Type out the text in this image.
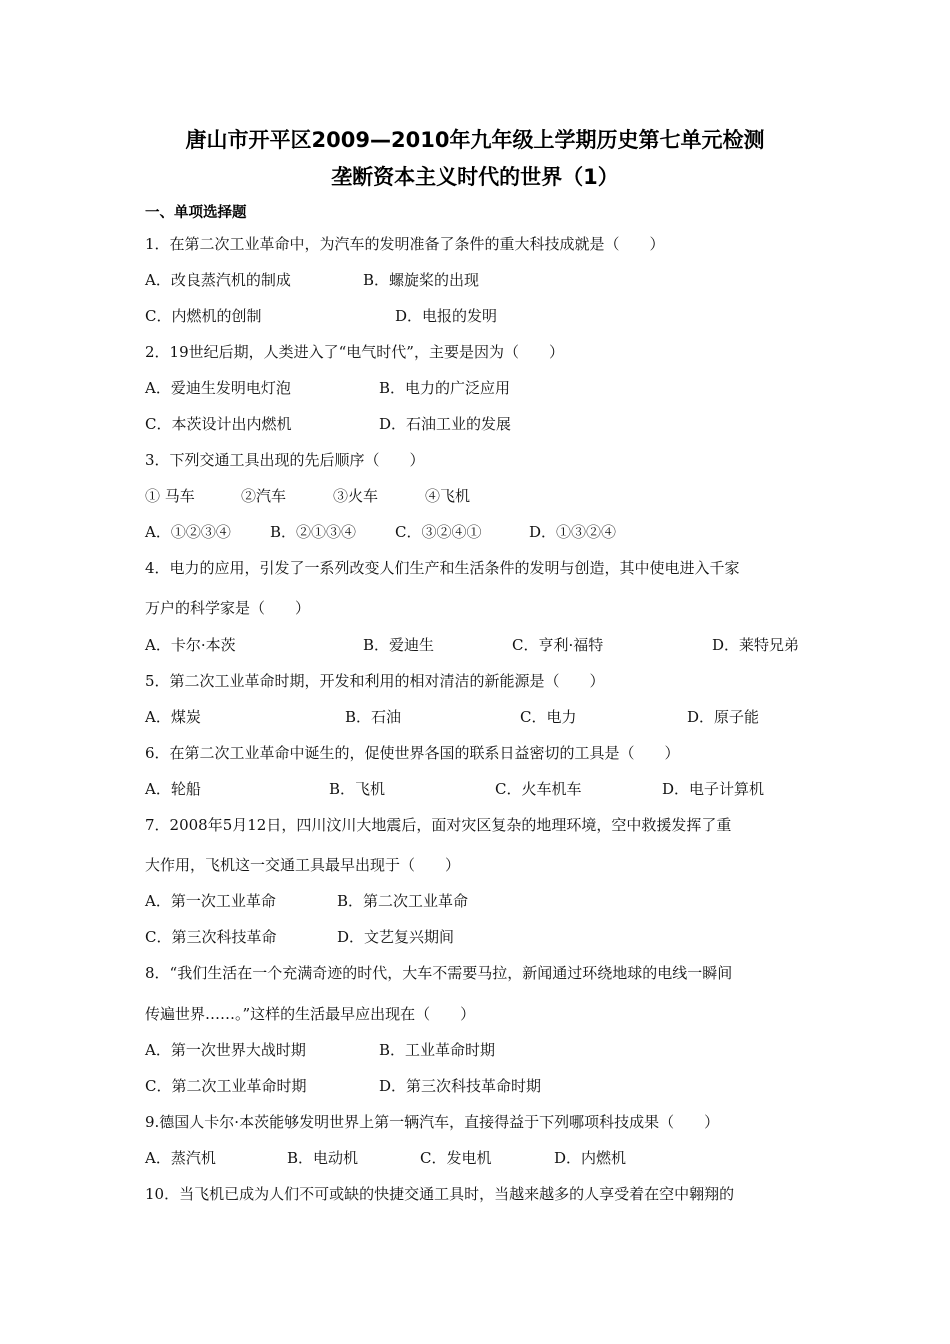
唐山市开平区2009—2010年九年级上学期历史第七单元检测
垄断资本主义时代的世界（1）
一、单项选择题
1．在第二次工业革命中，为汽车的发明准备了条件的重大科技成就是（　　）
A．改良蒸汽机的制成	B．螺旋桨的出现
C．内燃机的创制	D．电报的发明
2．19世纪后期，人类进入了“电气时代”，主要是因为（　　）
A．爱迪生发明电灯泡	B．电力的广泛应用
C．本茨设计出内燃机	D．石油工业的发展
3．下列交通工具出现的先后顺序（　　）
① 马车	②汽车	③火车	④飞机
A．①②③④	B．②①③④	C．③②④①	D．①③②④
4．电力的应用，引发了一系列改变人们生产和生活条件的发明与创造，其中使电进入千家
万户的科学家是（　　）
A．卡尔·本茨	B．爱迪生	C．亨利·福特	D．莱特兄弟
5．第二次工业革命时期，开发和利用的相对清洁的新能源是（　　）
A．煤炭	B．石油	C．电力	D．原子能
6．在第二次工业革命中诞生的，促使世界各国的联系日益密切的工具是（　　）
A．轮船	B．飞机	C．火车机车	D．电子计算机
7．2008年5月12日，四川汶川大地震后，面对灾区复杂的地理环境，空中救援发挥了重
大作用，飞机这一交通工具最早出现于（　　）
A．第一次工业革命	B．第二次工业革命
C．第三次科技革命	D．文艺复兴期间
8．“我们生活在一个充满奇迹的时代，大车不需要马拉，新闻通过环绕地球的电线一瞬间
传遍世界……。”这样的生活最早应出现在（　　）
A．第一次世界大战时期	B．工业革命时期
C．第二次工业革命时期	D．第三次科技革命时期
9.德国人卡尔·本茨能够发明世界上第一辆汽车，直接得益于下列哪项科技成果（　　）
A．蒸汽机	B．电动机	C．发电机	D．内燃机
10．当飞机已成为人们不可或缺的快捷交通工具时，当越来越多的人享受着在空中翱翔的
